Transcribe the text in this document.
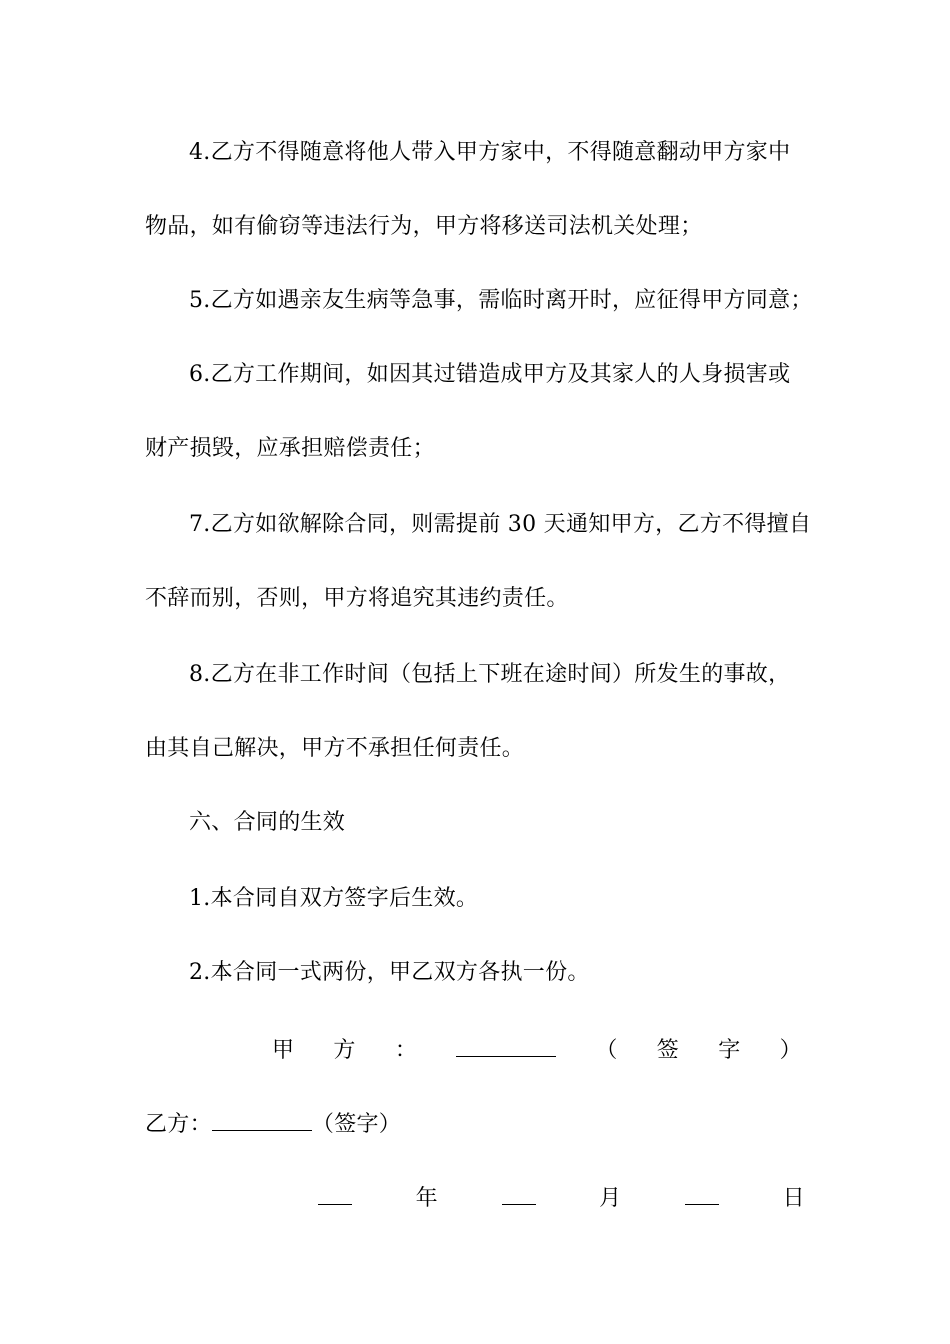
4.乙方不得随意将他人带入甲方家中，不得随意翻动甲方家中
物品，如有偷窃等违法行为，甲方将移送司法机关处理；
5.乙方如遇亲友生病等急事，需临时离开时，应征得甲方同意；
6.乙方工作期间，如因其过错造成甲方及其家人的人身损害或
财产损毁，应承担赔偿责任；
7.乙方如欲解除合同，则需提前 30 天通知甲方，乙方不得擅自
不辞而别，否则，甲方将追究其违约责任。
8.乙方在非工作时间（包括上下班在途时间）所发生的事故，
由其自己解决，甲方不承担任何责任。
六、合同的生效
1.本合同自双方签字后生效。
2.本合同一式两份，甲乙双方各执一份。
甲 方 ：	（ 签 字 ）
乙方：	（签字）
年	月	日
